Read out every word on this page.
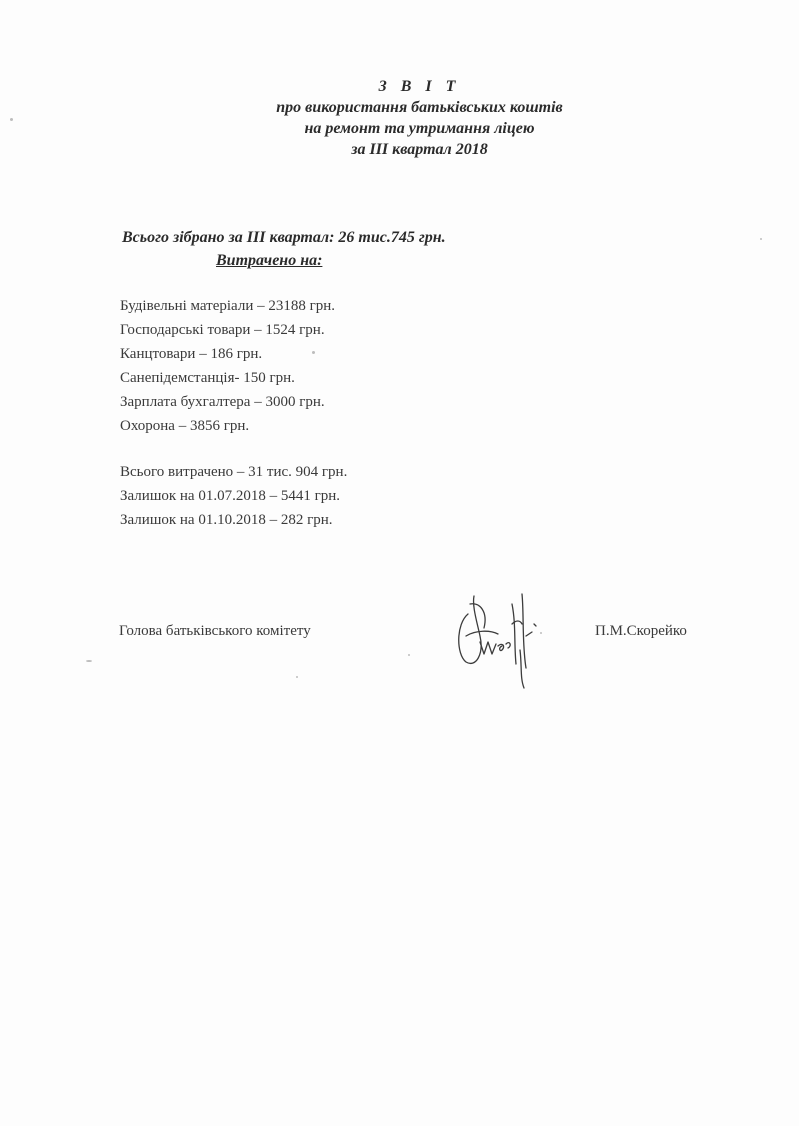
З В І Т
про використання батьківських коштів
на ремонт та утримання ліцею
за ІІІ квартал 2018
Всього зібрано за ІІІ квартал: 26 тис.745 грн.
Витрачено на:
Будівельні матеріали – 23188 грн.
Господарські товари – 1524 грн.
Канцтовари – 186 грн.
Санепідемстанція- 150 грн.
Зарплата бухгалтера – 3000 грн.
Охорона – 3856 грн.
Всього витрачено – 31 тис. 904 грн.
Залишок на 01.07.2018 – 5441 грн.
Залишок на 01.10.2018 – 282 грн.
Голова батьківського комітету	П.М.Скорейко
